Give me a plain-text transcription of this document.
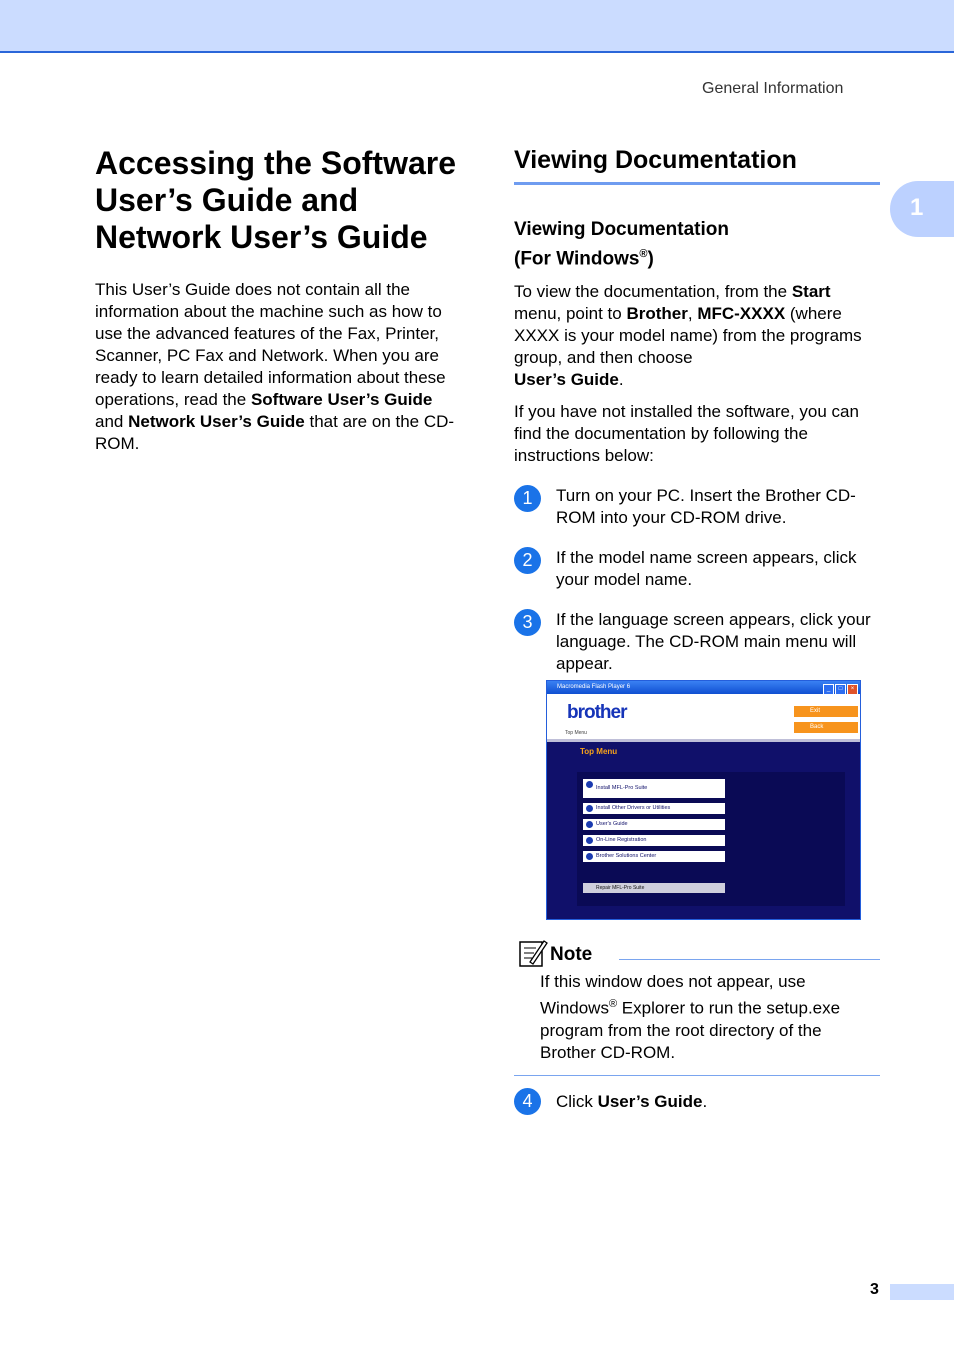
General Information
1
Accessing the Software User’s Guide and Network User’s Guide

This User’s Guide does not contain all the information about the machine such as how to use the advanced features of the Fax, Printer, Scanner, PC Fax and Network. When you are ready to learn detailed information about these operations, read the Software User’s Guide and Network User’s Guide that are on the CD-ROM.

Viewing Documentation
Viewing Documentation
(For Windows®)

To view the documentation, from the Start menu, point to Brother, MFC-XXXX (where XXXX is your model name) from the programs group, and then choose
User’s Guide.

If you have not installed the software, you can find the documentation by following the instructions below:

1	Turn on your PC. Insert the Brother CD-ROM into your CD-ROM drive.

2	If the model name screen appears, click your model name.

3	If the language screen appears, click your language. The CD-ROM main menu will appear.

Macromedia Flash Player 6	_ □ ×
brother
Top Menu
Exit
Back
Top Menu
Install MFL-Pro Suite
Install Other Drivers or Utilities
User's Guide
On-Line Registration
Brother Solutions Center
Repair MFL-Pro Suite
Note

If this window does not appear, use Windows® Explorer to run the setup.exe program from the root directory of the Brother CD-ROM.

4	Click User’s Guide.

3
